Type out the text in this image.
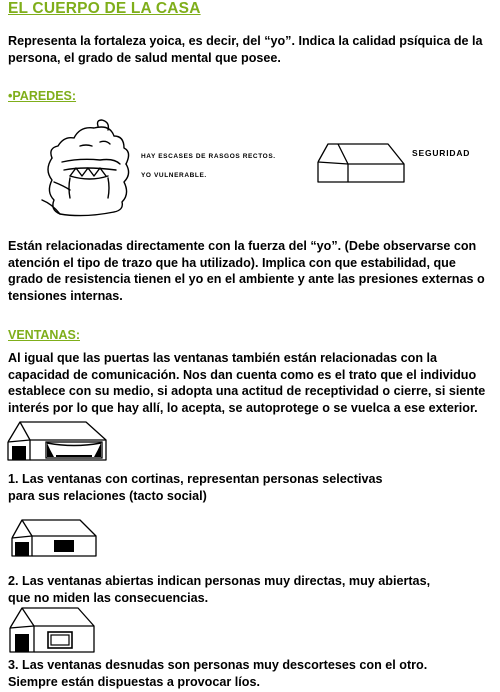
EL CUERPO DE LA CASA
Representa la fortaleza yoica, es decir, del “yo”. Indica la calidad psíquica de la
persona, el grado de salud mental que posee.
•PAREDES:
HAY ESCASES DE RASGOS RECTOS.
YO VULNERABLE.
SEGURIDAD
Están relacionadas directamente con la fuerza del “yo”. (Debe observarse con
atención el tipo de trazo que ha utilizado). Implica con que estabilidad, que
grado de resistencia tienen el yo en el ambiente y ante las presiones externas o
tensiones internas.
VENTANAS:
Al igual que las puertas las ventanas también están relacionadas con la
capacidad de comunicación. Nos dan cuenta como es el trato que el individuo
establece con su medio, si adopta una actitud de receptividad o cierre, si siente
interés por lo que hay allí, lo acepta, se autoprotege o se vuelca a ese exterior.
1. Las ventanas con cortinas, representan personas selectivas
para sus relaciones (tacto social)
2. Las ventanas abiertas indican personas muy directas, muy abiertas,
que no miden las consecuencias.
3. Las ventanas desnudas son personas muy descorteses con el otro.
Siempre están dispuestas a provocar líos.
